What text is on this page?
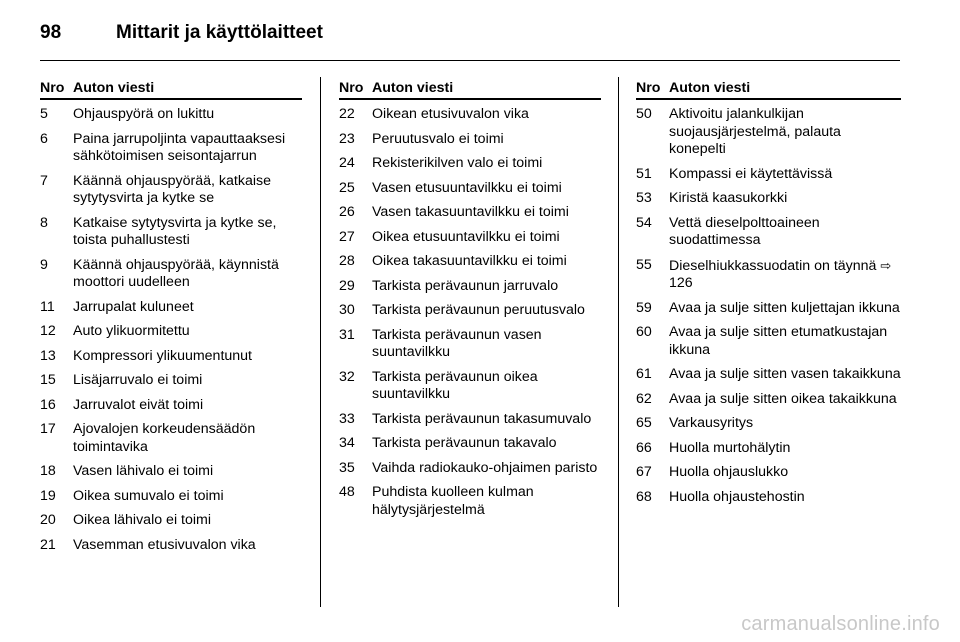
98	Mittarit ja käyttölaitteet
Nro Auton viesti
5	Ohjauspyörä on lukittu
6	Paina jarrupoljinta vapauttaaksesi sähkötoimisen seisontajarrun
7	Käännä ohjauspyörää, katkaise sytytysvirta ja kytke se
8	Katkaise sytytysvirta ja kytke se, toista puhallustesti
9	Käännä ohjauspyörää, käynnistä moottori uudelleen
11	Jarrupalat kuluneet
12	Auto ylikuormitettu
13	Kompressori ylikuumentunut
15	Lisäjarruvalo ei toimi
16	Jarruvalot eivät toimi
17	Ajovalojen korkeudensäädön toimintavika
18	Vasen lähivalo ei toimi
19	Oikea sumuvalo ei toimi
20	Oikea lähivalo ei toimi
21	Vasemman etusivuvalon vika
Nro Auton viesti
22	Oikean etusivuvalon vika
23	Peruutusvalo ei toimi
24	Rekisterikilven valo ei toimi
25	Vasen etusuuntavilkku ei toimi
26	Vasen takasuuntavilkku ei toimi
27	Oikea etusuuntavilkku ei toimi
28	Oikea takasuuntavilkku ei toimi
29	Tarkista perävaunun jarruvalo
30	Tarkista perävaunun peruutusvalo
31	Tarkista perävaunun vasen suuntavilkku
32	Tarkista perävaunun oikea suuntavilkku
33	Tarkista perävaunun takasumuvalo
34	Tarkista perävaunun takavalo
35	Vaihda radiokauko-ohjaimen paristo
48	Puhdista kuolleen kulman hälytysjärjestelmä
Nro Auton viesti
50	Aktivoitu jalankulkijan suojausjärjestelmä, palauta konepelti
51	Kompassi ei käytettävissä
53	Kiristä kaasukorkki
54	Vettä dieselpolttoaineen suodattimessa
55	Dieselhiukkassuodatin on täynnä ⇨ 126
59	Avaa ja sulje sitten kuljettajan ikkuna
60	Avaa ja sulje sitten etumatkustajan ikkuna
61	Avaa ja sulje sitten vasen takaikkuna
62	Avaa ja sulje sitten oikea takaikkuna
65	Varkausyritys
66	Huolla murtohälytin
67	Huolla ohjauslukko
68	Huolla ohjaustehostin
carmanualsonline.info
